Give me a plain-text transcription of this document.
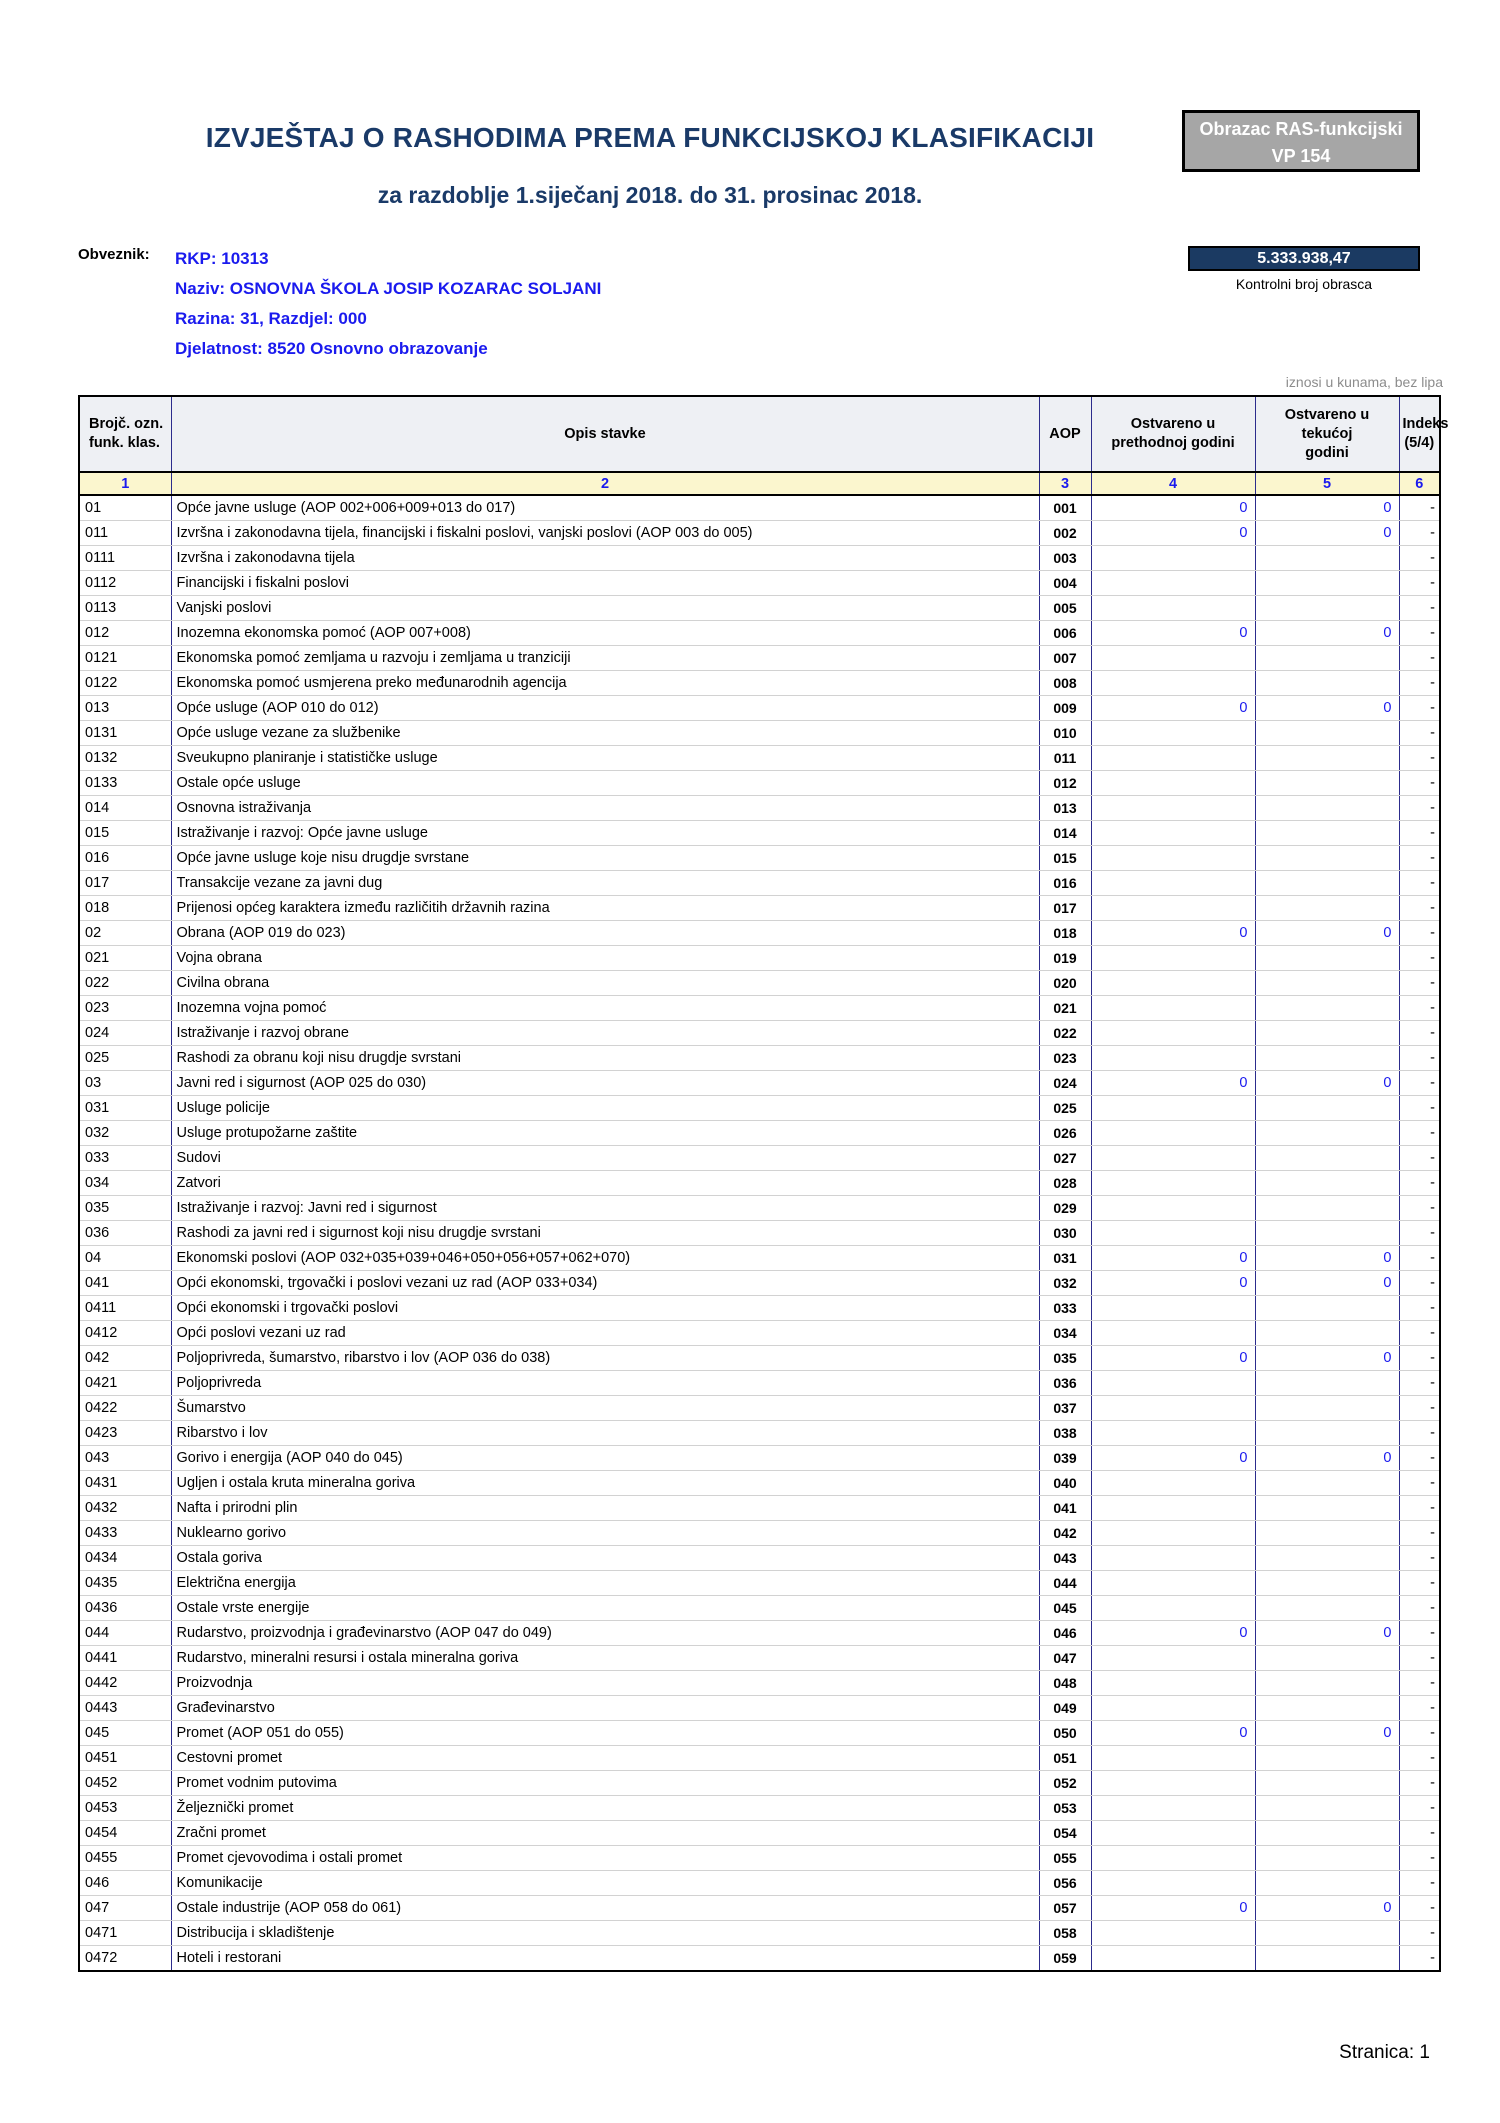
IZVJEŠTAJ O RASHODIMA PREMA FUNKCIJSKOJ KLASIFIKACIJI
za razdoblje 1.siječanj 2018. do 31. prosinac 2018.
Obrazac RAS-funkcijski
VP 154
Obveznik: RKP: 10313
Naziv: OSNOVNA ŠKOLA JOSIP KOZARAC SOLJANI
Razina: 31, Razdjel: 000
Djelatnost: 8520 Osnovno obrazovanje
5.333.938,47
Kontrolni broj obrasca
iznosi u kunama, bez lipa
Brojč. ozn.
funk. klas.
	Opis stavke	AOP	
Ostvareno u
prethodnoj godini

Ostvareno u tekućoj
godini

Indeks
(5/4)

1	2	3	4	5	6
01	Opće javne usluge (AOP 002+006+009+013 do 017)	001	0	0	-
011	Izvršna i zakonodavna tijela, financijski i fiskalni poslovi, vanjski poslovi (AOP 003 do 005)	002	0	0	-
0111	Izvršna i zakonodavna tijela	003			-
0112	Financijski i fiskalni poslovi	004			-
0113	Vanjski poslovi	005			-
012	Inozemna ekonomska pomoć (AOP 007+008)	006	0	0	-
0121	Ekonomska pomoć zemljama u razvoju i zemljama u tranziciji	007			-
0122	Ekonomska pomoć usmjerena preko međunarodnih agencija	008			-
013	Opće usluge (AOP 010 do 012)	009	0	0	-
0131	Opće usluge vezane za službenike	010			-
0132	Sveukupno planiranje i statističke usluge	011			-
0133	Ostale opće usluge	012			-
014	Osnovna istraživanja	013			-
015	Istraživanje i razvoj: Opće javne usluge	014			-
016	Opće javne usluge koje nisu drugdje svrstane	015			-
017	Transakcije vezane za javni dug	016			-
018	Prijenosi općeg karaktera između različitih državnih razina	017			-
02	Obrana (AOP 019 do 023)	018	0	0	-
021	Vojna obrana	019			-
022	Civilna obrana	020			-
023	Inozemna vojna pomoć	021			-
024	Istraživanje i razvoj obrane	022			-
025	Rashodi za obranu koji nisu drugdje svrstani	023			-
03	Javni red i sigurnost (AOP 025 do 030)	024	0	0	-
031	Usluge policije	025			-
032	Usluge protupožarne zaštite	026			-
033	Sudovi	027			-
034	Zatvori	028			-
035	Istraživanje i razvoj: Javni red i sigurnost	029			-
036	Rashodi za javni red i sigurnost koji nisu drugdje svrstani	030			-
04	Ekonomski poslovi (AOP 032+035+039+046+050+056+057+062+070)	031	0	0	-
041	Opći ekonomski, trgovački i poslovi vezani uz rad (AOP 033+034)	032	0	0	-
0411	Opći ekonomski i trgovački poslovi	033			-
0412	Opći poslovi vezani uz rad	034			-
042	Poljoprivreda, šumarstvo, ribarstvo i lov (AOP 036 do 038)	035	0	0	-
0421	Poljoprivreda	036			-
0422	Šumarstvo	037			-
0423	Ribarstvo i lov	038			-
043	Gorivo i energija (AOP 040 do 045)	039	0	0	-
0431	Ugljen i ostala kruta mineralna goriva	040			-
0432	Nafta i prirodni plin	041			-
0433	Nuklearno gorivo	042			-
0434	Ostala goriva	043			-
0435	Električna energija	044			-
0436	Ostale vrste energije	045			-
044	Rudarstvo, proizvodnja i građevinarstvo (AOP 047 do 049)	046	0	0	-
0441	Rudarstvo, mineralni resursi i ostala mineralna goriva	047			-
0442	Proizvodnja	048			-
0443	Građevinarstvo	049			-
045	Promet (AOP 051 do 055)	050	0	0	-
0451	Cestovni promet	051			-
0452	Promet vodnim putovima	052			-
0453	Željeznički promet	053			-
0454	Zračni promet	054			-
0455	Promet cjevovodima i ostali promet	055			-
046	Komunikacije	056			-
047	Ostale industrije (AOP 058 do 061)	057	0	0	-
0471	Distribucija i skladištenje	058			-
0472	Hoteli i restorani	059			-
Stranica: 1
